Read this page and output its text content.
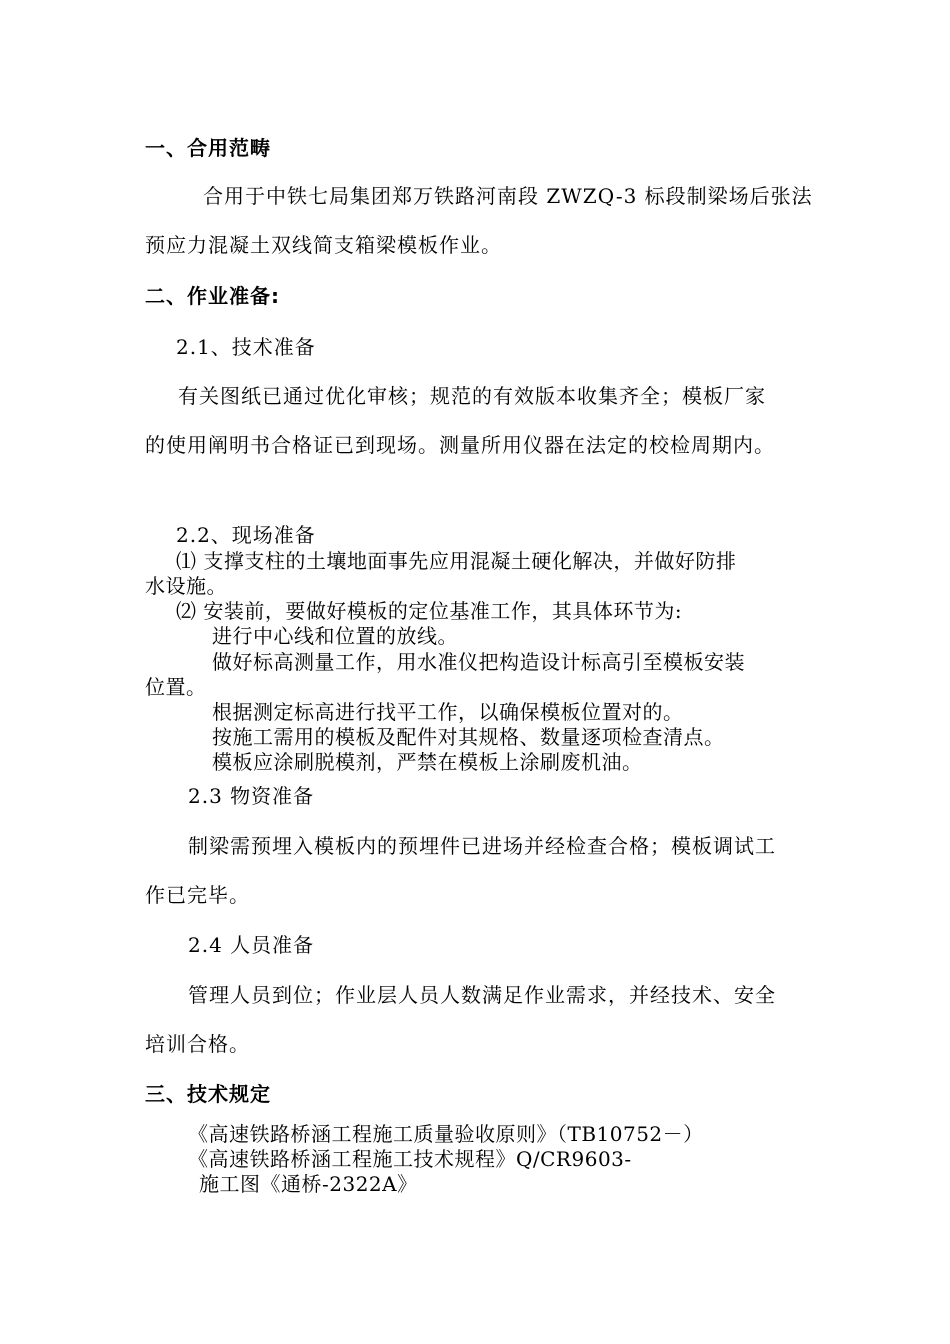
一、合用范畴
合用于中铁七局集团郑万铁路河南段 ZWZQ-3 标段制梁场后张法
预应力混凝土双线简支箱梁模板作业。
二、作业准备:
2.1、技术准备
有关图纸已通过优化审核；规范的有效版本收集齐全；模板厂家
的使用阐明书合格证已到现场。测量所用仪器在法定的校检周期内。
2.2、现场准备
⑴ 支撑支柱的土壤地面事先应用混凝土硬化解决，并做好防排
水设施。
⑵ 安装前，要做好模板的定位基准工作，其具体环节为:
进行中心线和位置的放线。
做好标高测量工作，用水准仪把构造设计标高引至模板安装
位置。
根据测定标高进行找平工作，以确保模板位置对的。
按施工需用的模板及配件对其规格、数量逐项检查清点。
模板应涂刷脱模剂，严禁在模板上涂刷废机油。
2.3 物资准备
制梁需预埋入模板内的预埋件已进场并经检查合格；模板调试工
作已完毕。
2.4 人员准备
管理人员到位；作业层人员人数满足作业需求，并经技术、安全
培训合格。
三、技术规定
《高速铁路桥涵工程施工质量验收原则》（TB10752－）
《高速铁路桥涵工程施工技术规程》Q/CR9603-
施工图《通桥-2322A》
